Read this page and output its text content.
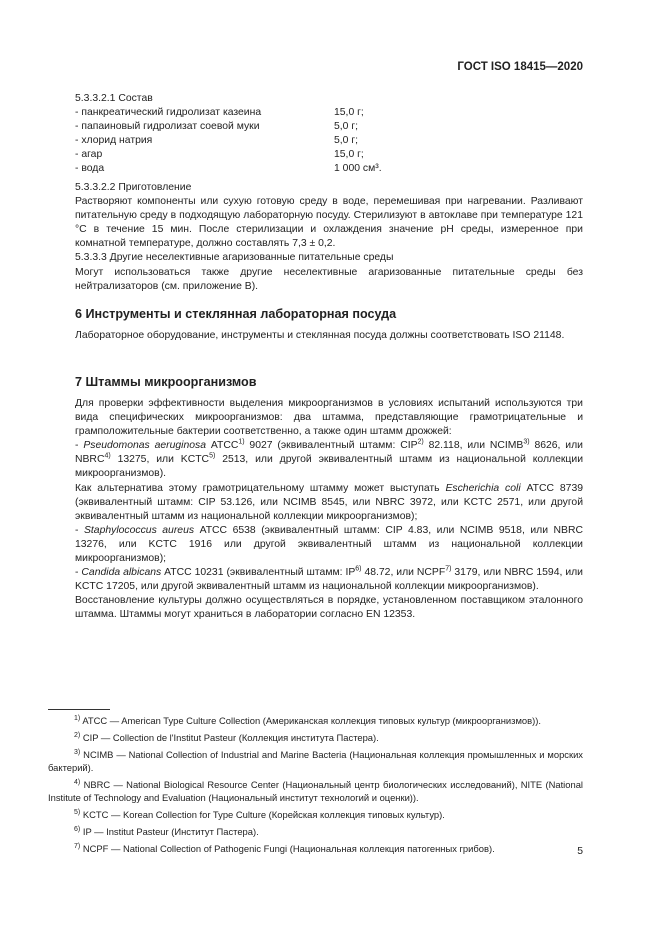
ГОСТ ISO 18415—2020

5.3.3.2.1 Состав

- панкреатический гидролизат казеина	15,0 г;
- папаиновый гидролизат соевой муки	5,0 г;
- хлорид натрия	5,0 г;
- агар	15,0 г;
- вода	1 000 см³.

5.3.3.2.2 Приготовление

Растворяют компоненты или сухую готовую среду в воде, перемешивая при нагревании. Разливают питательную среду в подходящую лабораторную посуду. Стерилизуют в автоклаве при температуре 121 °С в течение 15 мин. После стерилизации и охлаждения значение рН среды, измеренное при комнатной температуре, должно составлять 7,3 ± 0,2.

5.3.3.3 Другие неселективные агаризованные питательные среды

Могут использоваться также другие неселективные агаризованные питательные среды без нейтрализаторов (см. приложение В).

6 Инструменты и стеклянная лабораторная посуда

Лабораторное оборудование, инструменты и стеклянная посуда должны соответствовать ISO 21148.

7 Штаммы микроорганизмов

Для проверки эффективности выделения микроорганизмов в условиях испытаний используются три вида специфических микроорганизмов: два штамма, представляющие грамотрицательные и грамположительные бактерии соответственно, а также один штамм дрожжей:

- Pseudomonas aeruginosa АТСС$^{1)}$ 9027 (эквивалентный штамм: CIP$^{2)}$ 82.118, или NCIMB$^{3)}$ 8626, или NBRC$^{4)}$ 13275, или KCTC$^{5)}$ 2513, или другой эквивалентный штамм из национальной коллекции микроорганизмов).

Как альтернатива этому грамотрицательному штамму может выступать Escherichia coli АТСС 8739 (эквивалентный штамм: CIP 53.126, или NCIMB 8545, или NBRC 3972, или KCTC 2571, или другой эквивалентный штамм из национальной коллекции микроорганизмов);

- Staphylococcus aureus АТСС 6538 (эквивалентный штамм: CIP 4.83, или NCIMB 9518, или NBRC 13276, или KCTC 1916 или другой эквивалентный штамм из национальной коллекции микроорганизмов);

- Candida albicans АТСС 10231 (эквивалентный штамм: IP$^{6)}$ 48.72, или NCPF$^{7)}$ 3179, или NBRC 1594, или KCTC 17205, или другой эквивалентный штамм из национальной коллекции микроорганизмов).

Восстановление культуры должно осуществляться в порядке, установленном поставщиком эталонного штамма. Штаммы могут храниться в лаборатории согласно EN 12353.

$^{1)}$ ATCC — American Type Culture Collection (Американская коллекция типовых культур (микроорганизмов)).

$^{2)}$ CIP — Collection de l'Institut Pasteur (Коллекция института Пастера).

$^{3)}$ NCIMB — National Collection of Industrial and Marine Bacteria (Национальная коллекция промышленных и морских бактерий).

$^{4)}$ NBRC — National Biological Resource Center (Национальный центр биологических исследований), NITE (National Institute of Technology and Evaluation (Национальный институт технологий и оценки)).

$^{5)}$ KCTC — Korean Collection for Type Culture (Корейская коллекция типовых культур).

$^{6)}$ IP — Institut Pasteur (Институт Пастера).

$^{7)}$ NCPF — National Collection of Pathogenic Fungi (Национальная коллекция патогенных грибов).	5
